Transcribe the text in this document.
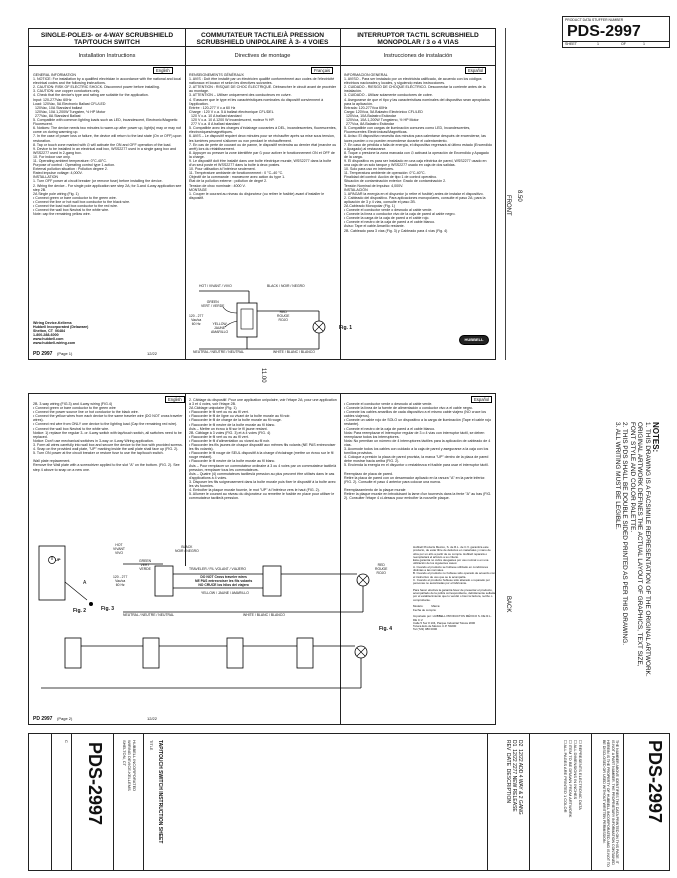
PRODUCT DATA STUFFER NUMBER
PDS-2997
SHEET	1	OF	1
SINGLE-POLE/3- or 4-WAY SCRUBSHIELD TAP/TOUCH SWITCH
Installation Instructions
English
GENERAL INFORMATION
1. NOTICE: For installation by a qualified electrician in accordance with the national and local electrical codes and the following instructions.
2. CAUTION: RISK OF ELECTRIC SHOCK. Disconnect power before installing.
3. CAUTION: use copper conductors only.
4. Check that the device's type and rating are suitable for the application.
Input: 120-277Vac 60Hz
Load: 120Vac, 5A Electronic Ballast CFL/LED
120Vac, 10A Standard ballast
120Vac, 10A 1,200W Tungsten, ½ HP Motor
277Vac, 8A Standard Ballast
5. Compatible with common lighting loads such as LED, Incandescent, Electronic/Magnetic Fluorescent.
6. Notices: The device needs two minutes to warm-up after power up, light(s) may or may not come on during warming up.
7. In the case of power loss or failure, the device will return to the last state (On or OFF) upon restoration.
8. Tap or touch zone marked with ⏻ will activate the ON and OFF operation of the load.
9. Device to be installed in an electrical wall box, WSS2277 used in a single gang box and WSS2277 used in 2-gang box.
10. For indoor use only.
11. Operating ambient temperature: 0°C-40°C.
Purpose of control : Operating control type 1 action.
External pollution situation : Pollution degree 2.
Rated impulse voltage: 4,000V.
INSTALLATION
1. Turn OFF power at circuit breaker (or remove fuse) before installing the device.
2. Wiring the device - For single pole application see step 2A; for 3-and 4-way application see step 2B.
2A Single pole wiring (Fig. 1)
• Connect green or bare conductor to the green wire.
• Connect the line or hot wall box conductor to the black wire.
• Connect the load wall box conductor to the red wire.
• Connect the wall box Neutral to the white wire.
Note: cap the remaining yellow wire.
Wiring Device-Kellems
Hubbell Incorporated (Delaware)
Shelton, CT  06484
1-800-288-6000
www.hubbell.com
www.hubbell-wiring.com
PD 2997 (Page 1)	12/22
COMMUTATEUR TACTILE/À PRESSION SCRUBSHIELD UNIPOLAIRE À 3- 4 VOIES
Directives de montage
Français
RENSEIGNEMENTS GÉNÉRAUX
1. AVIS : Doit être installé par un électricien qualifié conformément aux codes de l'électricité nationaux et locaux et selon les directives suivantes.
2. ATTENTION : RISQUE DE CHOC ÉLECTRIQUE. Débrancher le circuit avant de procéder au montage.
3. ATTENTION – Utiliser uniquement des conducteurs en cuivre.
4. S'assurer que le type et les caractéristiques nominales du dispositif conviennent à l'application.
Entrée : 120-277 V c.a 60 Hz
Charge : 120 V c.a. 5 A ballast électronique CFL/DEL
120 V c.a. 10 A ballast standard
120 V c.a. 10 A 1200 W incandescent, moteur ½ HP.
277 V c.a. 8 A ballast standard
5. Compatible avec les charges d'éclairage courantes à DEL, incandescentes, fluorescentes, électroniques/magnétiques.
6. AVIS – Le dispositif requiert deux minutes pour se réchauffer après sa mise sous tension, les lumières peuvent s'allumer ou non pendant le réchauffement.
7. En cas de perte de courant ou de panne, le dispositif reviendra au dernier état (marche ou arrêt) lors du rétablissement.
8. Appuyer ou presser la zone identifiée par ⏻ pour activer le fonctionnement ON et OFF de la charge.
9. Le dispositif doit être installé dans une boîte électrique murale, WSS2277 dans la boîte d'un seul poste et WSS2277 dans la boîte à deux postes.
10. Pour utilisation à l'intérieur seulement.
11. Température ambiante de fonctionnement : 0 °C–40 °C.
Objectif de la commande : manœuvre avec action du type 1.
État de la pollution externe : pollution de degré 2.
Tension de choc nominale : 4000 V.
MONTAGE
1. Couper le courant au niveau du disjoncteur (ou retirer le fusible) avant d'installer le dispositif.
HOT / VIVANT / VIVO
GREEN
VERT / VERDE
120 - 277
Vac/ca
60 Hz	YELLOW
JAUNE
AMARILLO
BLACK / NOIR / NEGRO
RED
ROUGE
ROJO
NEUTRAL / NEUTRE / NEUTRAL	WHITE / BLANC / BLANCO
Fig. 1
INTERRUPTOR TACTIL SCRUBSHIELD MONOPOLAR / 3 o 4 VIAS
Instrucciones de instalación
Español
INFORMACION GENERAL
1. AVISO - Para ser instalado por un electricista calificado, de acuerdo con los códigos eléctricos nacionales y locales, y siguiendo estas instrucciones.
2. CUIDADO - RIESGO DE CHOQUE ELÉCTRICO. Desconectar la corriente antes de la instalación.
3. CUIDADO - Utilizar solamente conductores de cobre.
4. Asegurarse de que el tipo y las características nominales del dispositivo sean apropiados para la aplicación.
Entrada: 120-277Vca 60Hz
Carga: 120Vca, 5A Balastro Electrónico CFL/LED
120Vca, 10A Balastro Estándar
120Vca, 10A 1,200W Tungsteno, ½ HP Motor
277Vca, 8A Balastro Estándar
5. Compatible con cargas de iluminación comunes como LED, Incandescentes, Fluorescentes Electrónicas/Magnéticas.
6. Aviso: El dispositivo necesita dos minutos para calentarse después de encenderse, las luces pueden o no pueden encenderse durante el calentamiento.
7. En caso de pérdida o falla de energía, el dispositivo regresará al último estado (Encendido o Apagado) al restaurarse.
8. Toque o presione la zona marcada con ⏻ activará la operación de Encendido y Apagado de la carga.
9. El dispositivo es para ser instalado en una caja eléctrica de pared, WSS2277 usado en una caja de un solo tanque y WSS2277 usado en caja de dos salidas.
10. Solo para uso en interiores.
11. Temperatura ambiente de operación: 0°C-40°C.
Finalidad del control: Acción de tipo 1 de control operativo.
Situación de contaminación exterior: Grado de contaminación 2.
Tensión Nominal de Impulso: 4,000V.
INSTALACIÓN
1. APAGAR la energía en el disyuntor (o retire el fusible) antes de instalar el dispositivo.
2. Cableado del dispositivo. Para aplicaciones monopolares, consulte el paso 2A; para la aplicación de 3 y 4 vías, consulte el paso 2B.
2A Cableado Monopolar (Fig. 1)
• Conecte el conductor verde o desnudo al cable verde.
• Conecte la línea o conductor vivo de la caja de pared al cable negro.
• Conecte la carga de la caja de pared a el cable rojo.
• Conecte el neutro de la caja de pared a el cable blanco.
Aviso: Tape el cable Amarillo restante.
2B. Cableado para 3 vías (Fig. 3) y Cableado para 4 vías (Fig. 4)
HUBBELL
FRONT 8.50
11.00
BACK
English
2B. 3-way wiring (FIG.3) and 4-way wiring (FIG.4)
• Connect green or bare conductor to the green wire
• Connect the power source line or hot conductor to the black wire.
• Connect the yellow wires from each device to the same traveler wire (DO NOT cross traveler wires).
• Connect red wire from ONLY one device to the lighting load (Cap the remaining red wire).
• Connect the wall box Neutral to the white wire.
Notice: 1) replace the regular 3- or 4-way switch with tap/touch switch, all switches need to be replaced.
Notice: Don't use mechanical switches in 3-way or 4-way Wiring application.
3. Form all wires carefully into wall box and secure the device to the box with provided screws.
4. Snap on the provided wall plate, "UP" marking inside the wall plate shall face up (FIG. 2).
5. Turn ON power at the circuit breaker or restore fuse to use the tap/touch switch.

Wall plate replacement.
Remove the Wall plate with a screwdriver applied to the slot "A" on the bottom. (FIG. 2). See step 4 above to snap on a new one.
2. Câblage du dispositif. Pour une application unipolaire, voir l'étape 2A; pour une application à 3 et 4 voies, voir l'étape 2B.
2A Câblage unipolaire (Fig. 1)
• Raccorder le fil vert ou nu au fil vert.
• Raccorder le fil de ligne ou vivant de la boîte murale au fil noir.
• Raccorder le fil de charge de la boîte murale au fil rouge.
• Raccorder le fil neutre de la boîte murale au fil blanc.
Avis – Mettre un écrou à fil sur le fil jaune restant.
2B. Câblage à 3 voies (FIG. 3) et à 4 voies (FIG. 4)
• Raccorder le fil vert ou nu au fil vert.
• Raccorder le fil d'alimentation ou vivant au fil noir.
• Raccorder les fils jaunes de chaque dispositif aux mêmes fils volants (NE PAS entrecroiser les fils volants).
• Raccorder le fil rouge de SEUL dispositif à la charge d'éclairage (mettre un écrou sur le fil rouge restant).
• Raccorder le fil neutre de la boîte murale au fil blanc.
Avis – Pour remplacer un commutateur ordinaire à 3 ou 4 voies par un commutateur tactile/à pression, remplacer tous les commutateurs.
Avis – Quatre (4) commutateurs tactiles/à pression au plus peuvent être utilisés dans le cas d'applications à 4 voies.
3. Disposer les fils soigneusement dans la boîte murale puis fixer le dispositif à la boîte avec les vis fournies.
4. Emboîter la plaque murale fournie, le mot "UP" à l'intérieur vers le haut (FIG. 2).
5. Allumer le courant au niveau du disjoncteur ou remettre le fusible en place pour utiliser le commutateur tactile/à pression.
Español
• Conecte el conductor verde o desnudo al cable verde.
• Conecte la línea de la fuente de alimentación o conductor vivo a el cable negro.
• Conecte los cables amarillos de cada dispositivo a el mismo cable viajero (NO cruce los cables viajeros).
• Conecte un cable rojo de SOLO un dispositivo a la carga de iluminación (Tape el cable rojo restante).
• Conecte el neutro de la caja de pared a el cable blanco.
Nota: Para reemplazar el interruptor regular de 3 o 4 vías con interruptor táctil, se deben reemplazar todos los interruptores.
Nota: No permitan un número de 4 interruptores táctiles para la aplicación de cableado de 4 vías.
3. Acomode todos los cables con cuidado a la caja de pared y asegurarse a la caja con los tornillos provistos.
4. Coloque a presión la placa de pared provista, la marca "UP" dentro de la placa de pared debe mostrar hacia arriba (FIG. 2).
5. Encienda la energía en el disyuntor o restablezca el fusible para usar el interruptor táctil.

Reemplazo de placa de pared.
Retire la placa de pared con un desarmador aplicado en la ranura "A" en la parte inferior. (FIG. 2). Consulte el paso 4 anterior para colocar una nueva.

Reemplazamiento de la plaque murale
Retirer la plaque murale en introduisant la lame d'un tournevis dans la fente "A" au bas (FIG. 2). Consulter l'étape 4 ci-dessus pour emboîter la nouvelle plaque.
Hubbell Products Mexico, S. de R.L. de C.V. garantiza este producto, de estar libre de defectos en materiales y mano de obra por un año a partir de su compra. Hubbell reparará o reemplazará el artículo a su criterio.
Esta garantía no cubre desgastes por uso normal o en una utilización de los siguientes casos:
A. Cuando el producto se hubiese utilizado en condiciones distintas a las normales.
B. Cuando el producto no hubiese sido operado de acuerdo con el instructivo de uso que se le acompaña.
C. Cuando el producto hubiese sido alterado o reparado por personas no autorizadas por el fabricante.

Para hacer efectiva la garantía favor de presentar el producto, acompañado de la póliza correspondiente, debidamente sellada por el establecimiento que lo vendió o bien la factura, recibo o comprobante.

Modelo:          Marca:
Fecha de compra:

Importado por: HUBBELL PRODUCTOS MÉXICO S. DE R.L. DE C.V.
Calle 5 Sur # 104, Parque Industrial Toluca 2000
Toluca Edo de México C.P. 50200
Tel (722) 080 0000
UP
A
Fig. 2
HOT
VIVANT
VIVO
120 - 277
Vac/ca
60 Hz
GREEN
VERT
VERDE
BLACK
NOIR / NEGRO
TRAVELER / FIL VOLANT / VIAJERO
DO NOT Cross traveler wires
NE PAS entrecroiser les fils volants
NO CRUCE los hilos del viajero
YELLOW / JAUNE / AMARILLO
RED
ROUGE
ROJO
NEUTRAL / NEUTRE / NEUTRAL	WHITE / BLANC / BLANCO
Fig. 3
Fig. 4
PD 2997 (Page 2)	12/22
NOTES:
1. THIS DRAWING IS A FACSIMILE REPRESENTATION OF THE ORIGINAL ARTWORK. ORIGINAL ARTWORK DEFINES THE ACTUAL LAYOUT OF GRAPHICS, TEXT SIZE, FONT STYLE AND COLOR PALETTE.
2. THIS PDS SHALL BE DOUBLE SIDED PRINTED AS PER THIS DRAWING.
3. ALL WRITING MUST BE LEGIBLE.
C
PDS-2997	HUBBELL INCORPORATED
WIRING DEVICE-KELLEMS
SHELTON, CT
TITLE TAP/TOUCH SWITCH INSTRUCTION SHEET	D2  12/22 ADD 4 WAY & 2 GANG
D1  12/22 2277 NEW RELEASE
REV  DATE  DESCRIPTION
☐ REPRESENTS ELECTRONIC DATA
☐ ALL DIMENSIONS IN INCHES
☐ ITEM TO BE DRAWN FROM ARTWORK
☐ ALL PAGES ARE PRINTED 1 COLOR	THE NUMBER ABOVE IDENTIFIES THE DATA PRINTED ON THIS PAGE. IT IS NOT A PART NUMBER. THE PROPRIETARY INFORMATION CONTAINED HEREIN IS THE PROPERTY OF HUBBELL INCORPORATED AND IS NOT TO BE DISCLOSED OR USED WITHOUT WRITTEN PERMISSION.	PDS-2997
